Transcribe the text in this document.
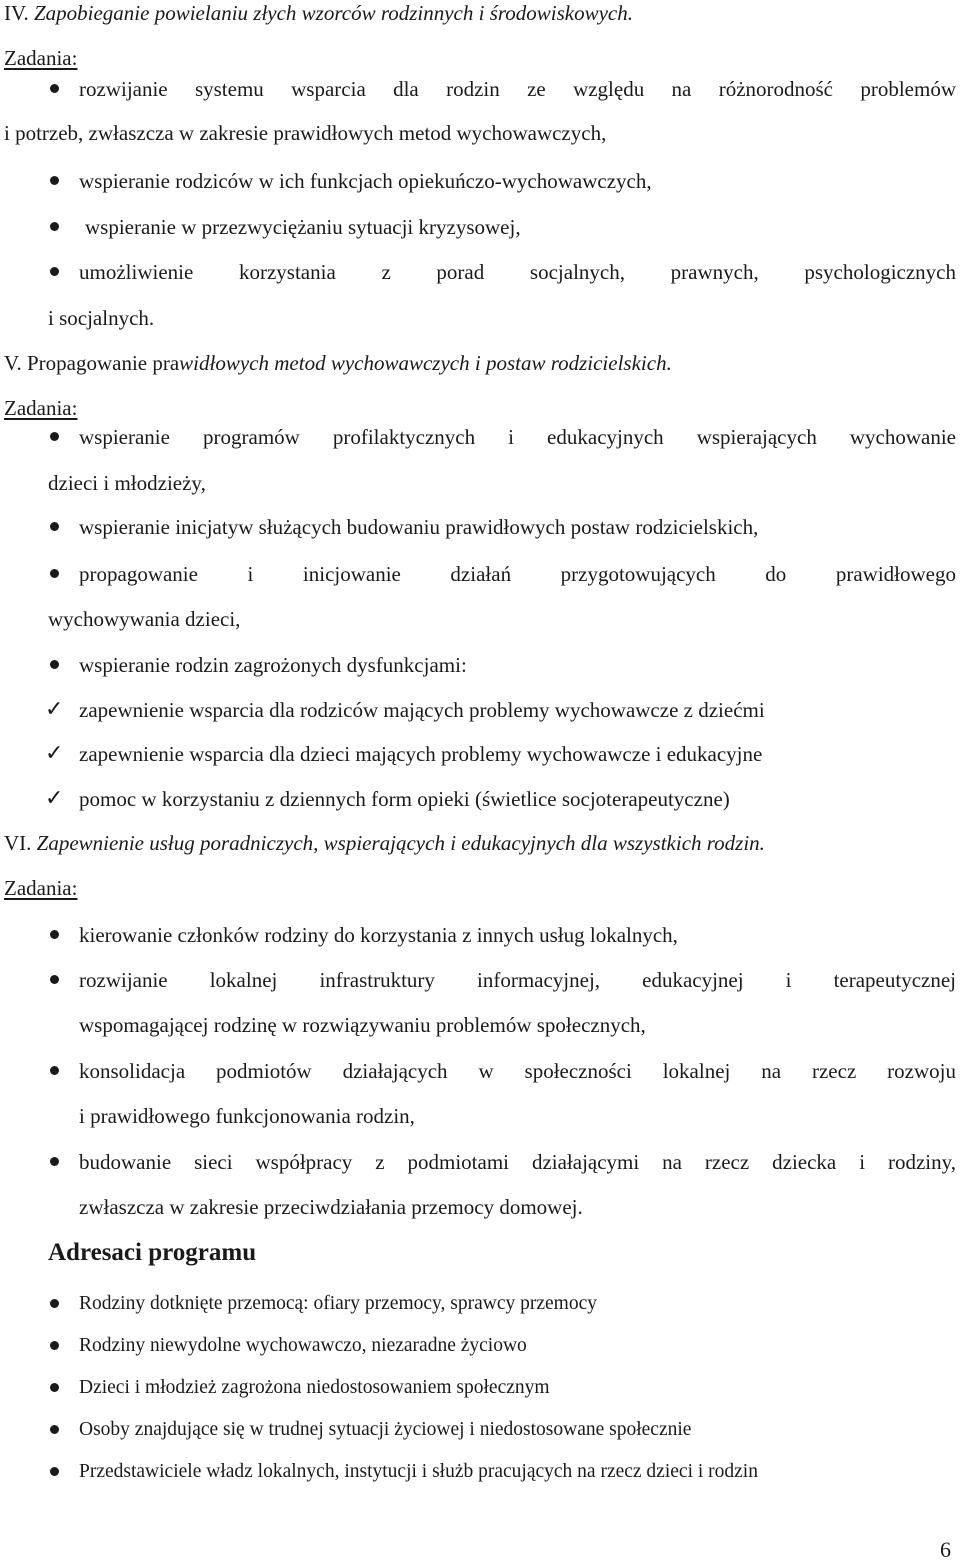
IV. Zapobieganie powielaniu złych wzorców rodzinnych i środowiskowych.
Zadania:
rozwijanie systemu wsparcia dla rodzin ze względu na różnorodność problemów
i potrzeb, zwłaszcza w zakresie prawidłowych metod wychowawczych,
wspieranie rodziców w ich funkcjach opiekuńczo-wychowawczych,
wspieranie w przezwyciężaniu sytuacji kryzysowej,
umożliwienie korzystania z porad socjalnych, prawnych, psychologicznych
i socjalnych.
V. Propagowanie prawidłowych metod wychowawczych i postaw rodzicielskich.
Zadania:
wspieranie programów profilaktycznych i edukacyjnych wspierających wychowanie
dzieci i młodzieży,
wspieranie inicjatyw służących budowaniu prawidłowych postaw rodzicielskich,
propagowanie i inicjowanie działań przygotowujących do prawidłowego
wychowywania dzieci,
wspieranie rodzin zagrożonych dysfunkcjami:
✓ zapewnienie wsparcia dla rodziców mających problemy wychowawcze z dziećmi
✓ zapewnienie wsparcia dla dzieci mających problemy wychowawcze i edukacyjne
✓ pomoc w korzystaniu z dziennych form opieki (świetlice socjoterapeutyczne)
VI. Zapewnienie usług poradniczych, wspierających i edukacyjnych dla wszystkich rodzin.
Zadania:
kierowanie członków rodziny do korzystania z innych usług lokalnych,
rozwijanie lokalnej infrastruktury informacyjnej, edukacyjnej i terapeutycznej
wspomagającej rodzinę w rozwiązywaniu problemów społecznych,
konsolidacja podmiotów działających w społeczności lokalnej na rzecz rozwoju
i prawidłowego funkcjonowania rodzin,
budowanie sieci współpracy z podmiotami działającymi na rzecz dziecka i rodziny,
zwłaszcza w zakresie przeciwdziałania przemocy domowej.
Adresaci programu
Rodziny dotknięte przemocą: ofiary przemocy, sprawcy przemocy
Rodziny niewydolne wychowawczo, niezaradne życiowo
Dzieci i młodzież zagrożona niedostosowaniem społecznym
Osoby znajdujące się w trudnej sytuacji życiowej i niedostosowane społecznie
Przedstawiciele władz lokalnych, instytucji i służb pracujących na rzecz dzieci i rodzin
6
